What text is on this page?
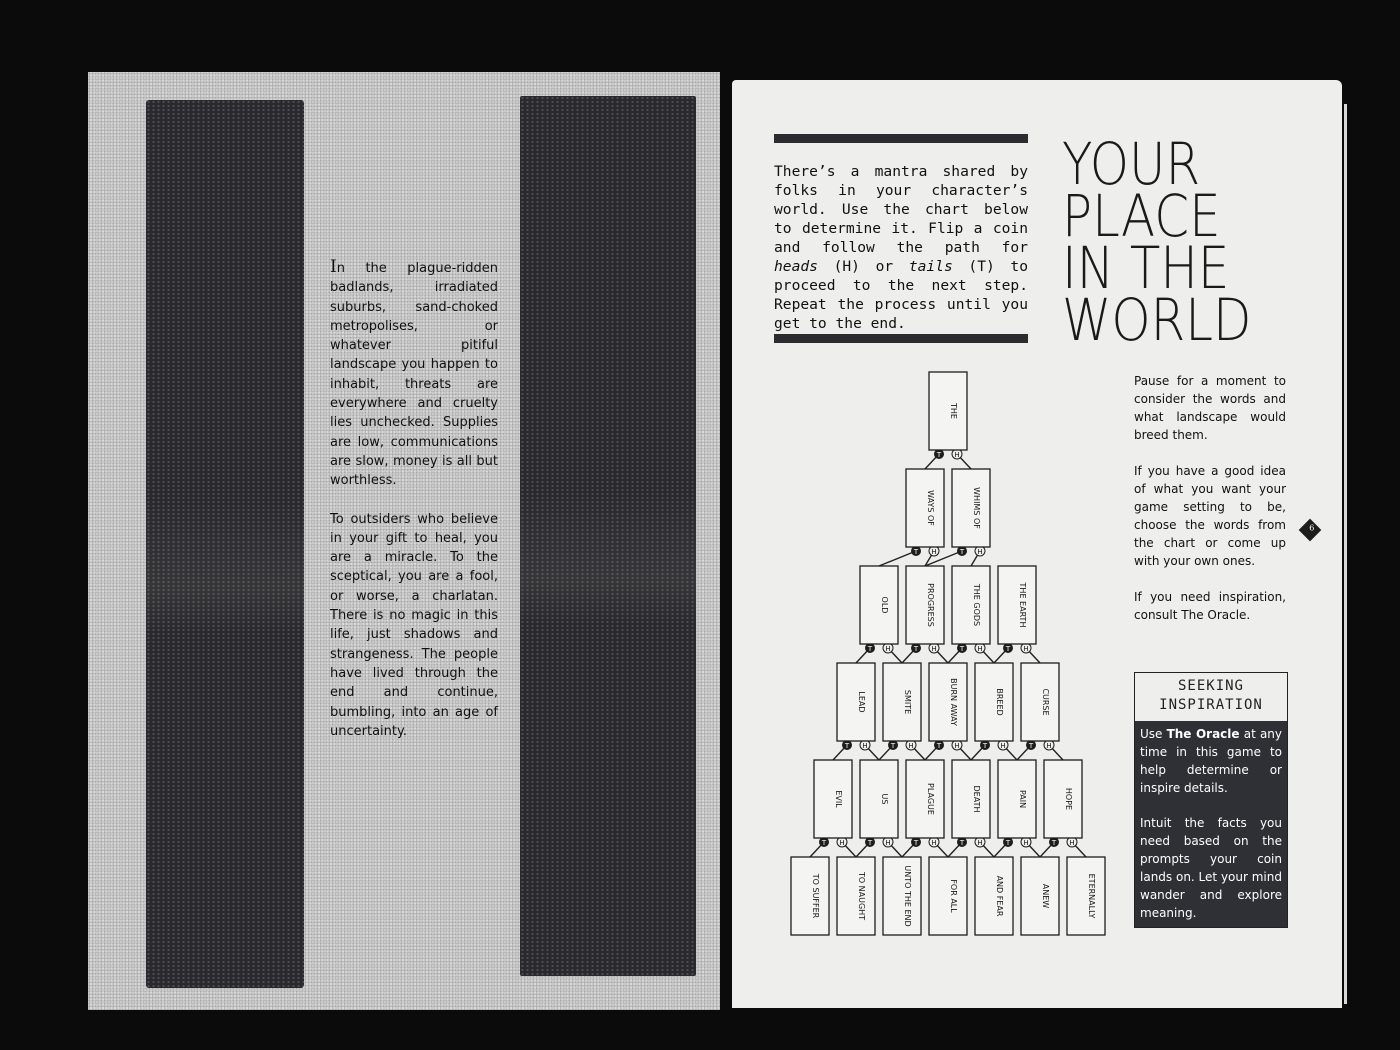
In the plague-ridden badlands, irradiated suburbs, sand-choked metropolises, or whatever pitiful landscape you happen to inhabit, threats are everywhere and cruelty lies unchecked. Supplies are low, communications are slow, money is all but worthless.

To outsiders who believe in your gift to heal, you are a miracle. To the sceptical, you are a fool, or worse, a charlatan. There is no magic in this life, just shadows and strangeness. The people have lived through the end and continue, bumbling, into an age of uncertainty.

There’s a mantra shared by folks in your character’s world. Use the chart below to determine it. Flip a coin and follow the path for heads (H) or tails (T) to proceed to the next step. Repeat the process until you get to the end.
YOUR
PLACE
IN THE
WORLD

Pause for a moment to consider the words and what landscape would breed them.

If you have a good idea of what you want your game setting to be, choose the words from the chart or come up with your own ones.

If you need inspiration, consult The Oracle.

6
SEEKING
INSPIRATION

Use The Oracle at any time in this game to help determine or inspire details.

Intuit the facts you need based on the prompts your coin lands on. Let your mind wander and explore meaning.

T H
T H	T H
T H	T H	T H	T H
T H	T H	T H	T H	T H
T H	T H	T H	T H	T H	T H
THE
WAYS OF	WHIMS OF
OLD	PROGRESS	THE GODS	THE EARTH
LEAD	SMITE	BURN AWAY	BREED	CURSE
EVIL	US	PLAGUE	DEATH	PAIN	HOPE
TO SUFFER	TO NAUGHT	UNTO THE END	FOR ALL	AND FEAR	ANEW	ETERNALLY
